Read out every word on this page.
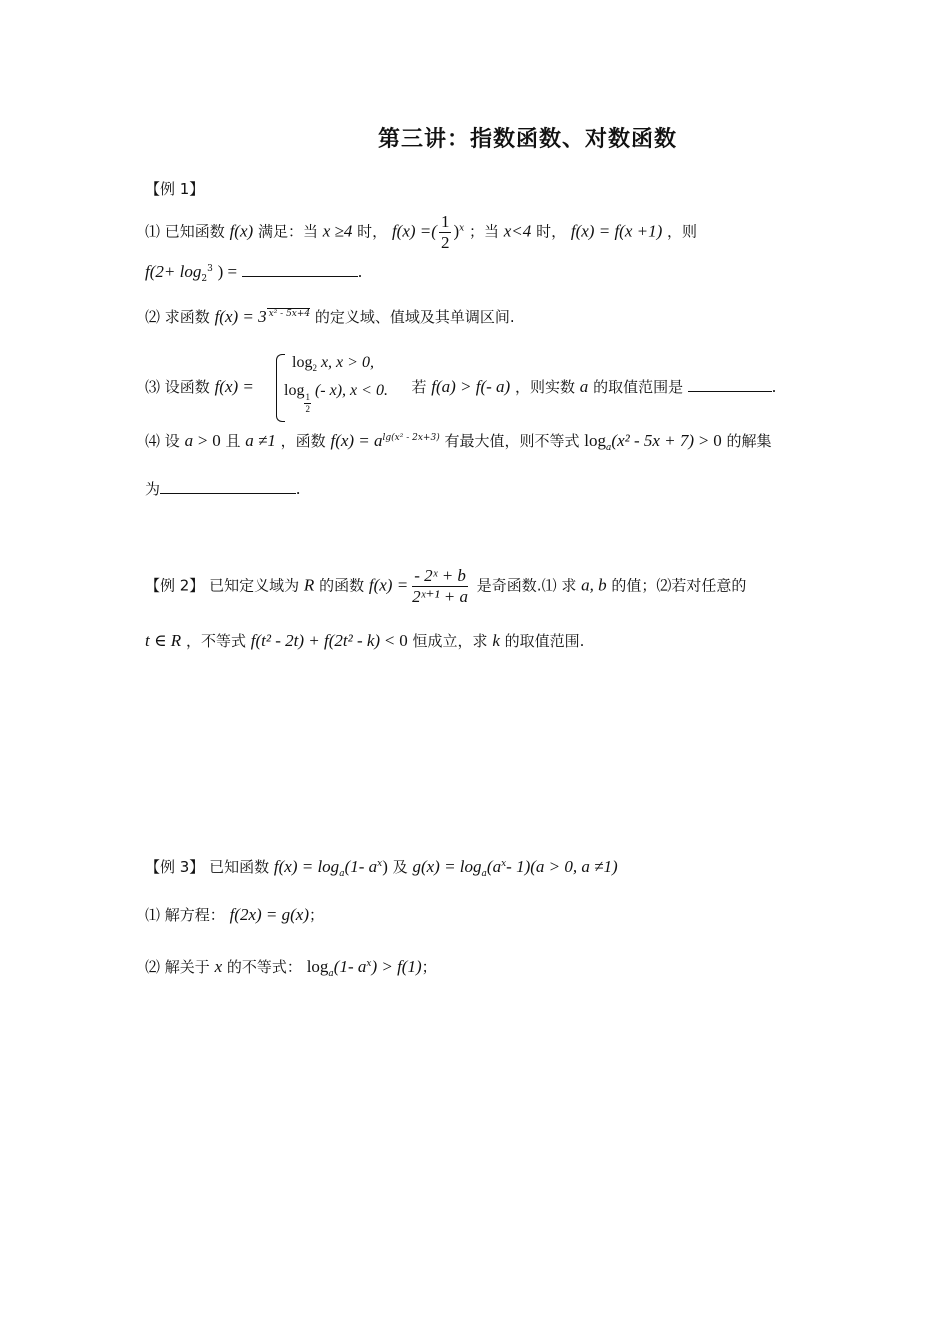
第三讲：指数函数、对数函数
【例 1】
⑴ 已知函数 f(x) 满足：当 x ≥4 时， f(x) =( $\frac{1}{2} )^x$ ；当 x<4 时， f(x) = f(x +1) ，则
$f(2+ \log_2^3$ ) =	.
⑵ 求函数 f(x) = 3 $^{x^2 - 5x+4}$ 的定义域、值域及其单调区间.
⑶ 设函数 f(x) =	若 f(a) > f(- a) ，则实数 a 的取值范围是	.
$\log_2 x$, x > 0,
log
$\frac{1}{2}$
(- x), x < 0.
⑷ 设 a > 0 且 a ≠1 ，函数 $f(x) = a^{lg(x^2 - 2x+3)}$ 有最大值，则不等式 $\log_a(x^2 - 5x + 7) > 0$ 的解集
为	.
【例 2】 已知定义域为 R 的函数 $f(x) = \frac{\text{- 2ˣ + b}}{\text{2ˣ⁺¹ + a}}$ 是奇函数.⑴ 求 a, b 的值；⑵若对任意的
t ∈ R ，不等式 f(t² - 2t) + f(2t² - k) < 0 恒成立，求 k 的取值范围.
【例 3】 已知函数 $f(x) = \log_a(1-$ $a^x$) 及 $g(x) = \log_a(a^x-$ 1)(a > 0, a ≠1)
⑴ 解方程： f(2x) = g(x)；
⑵ 解关于 x 的不等式： $\log_a(1-$ $a^x) > f(1)$；
